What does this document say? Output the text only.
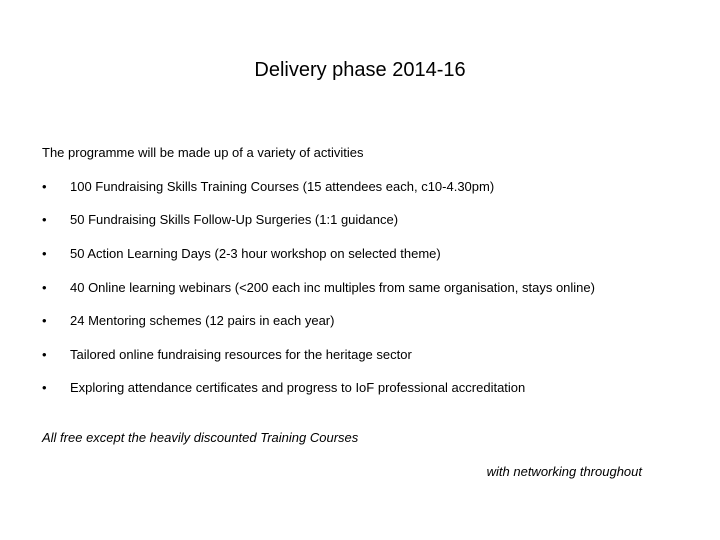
Delivery phase 2014-16
The programme will be made up of a variety of activities
•	100 Fundraising Skills Training Courses (15 attendees each, c10-4.30pm)
•	50 Fundraising Skills Follow-Up Surgeries (1:1 guidance)
•	50 Action Learning Days (2-3 hour workshop on selected theme)
•	40 Online learning webinars (<200 each inc multiples from same organisation, stays online)
•	24 Mentoring schemes (12 pairs in each year)
•	Tailored online fundraising resources for the heritage sector
•	Exploring attendance certificates and progress to IoF professional accreditation
All free except the heavily discounted Training Courses
with networking throughout
